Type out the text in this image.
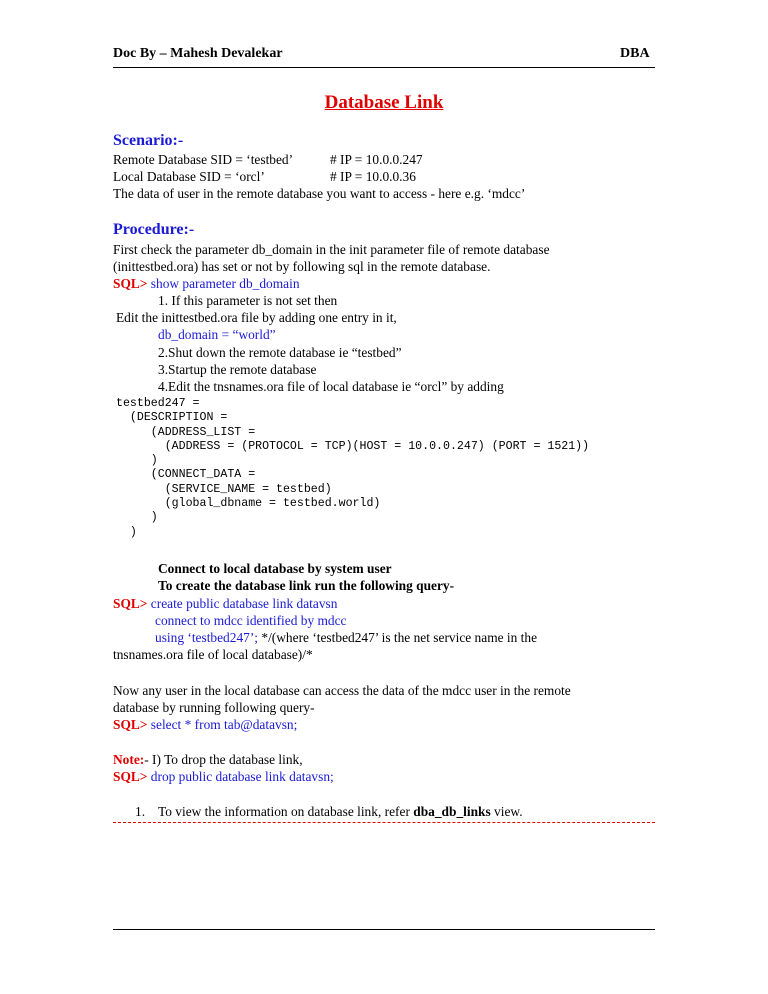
Doc By – Mahesh Devalekar	DBA
Database Link
Scenario:-
Remote Database SID = ‘testbed’	# IP = 10.0.0.247
Local Database SID = ‘orcl’	# IP = 10.0.0.36
The data of user in the remote database you want to access - here e.g. ‘mdcc’
Procedure:-
First check the parameter db_domain in the init parameter file of remote database
(inittestbed.ora) has set or not by following sql in the remote database.
SQL> show parameter db_domain
1. If this parameter is not set then
Edit the inittestbed.ora file by adding one entry in it,
db_domain = “world”
2.Shut down the remote database ie “testbed”
3.Startup the remote database
4.Edit the tnsnames.ora file of local database ie “orcl” by adding
testbed247 =
(DESCRIPTION =
(ADDRESS_LIST =
(ADDRESS = (PROTOCOL = TCP)(HOST = 10.0.0.247) (PORT = 1521))
)
(CONNECT_DATA =
(SERVICE_NAME = testbed)
(global_dbname = testbed.world)
)
)
Connect to local database by system user
To create the database link run the following query-
SQL> create public database link datavsn
connect to mdcc identified by mdcc
using ‘testbed247’; */(where ‘testbed247’ is the net service name in the
tnsnames.ora file of local database)/*
Now any user in the local database can access the data of the mdcc user in the remote
database by running following query-
SQL> select * from tab@datavsn;
Note:- I) To drop the database link,
SQL> drop public database link datavsn;
1. To view the information on database link, refer dba_db_links view.
